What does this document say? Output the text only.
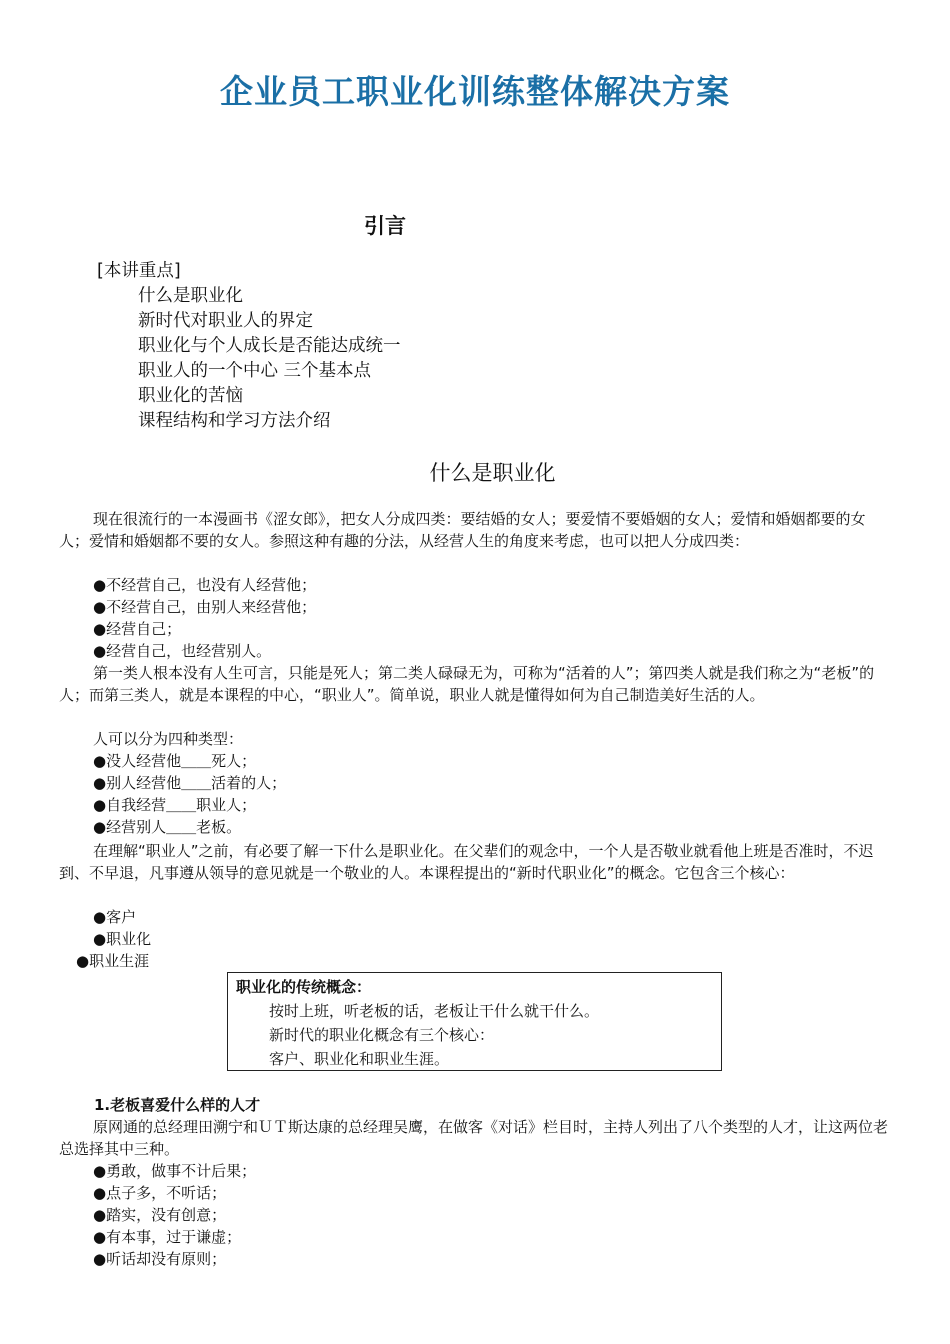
企业员工职业化训练整体解决方案
引言
[本讲重点]
什么是职业化
新时代对职业人的界定
职业化与个人成长是否能达成统一
职业人的一个中心 三个基本点
职业化的苦恼
课程结构和学习方法介绍
什么是职业化
现在很流行的一本漫画书《涩女郎》，把女人分成四类：要结婚的女人；要爱情不要婚姻的女人；爱情和婚姻都要的女人；爱情和婚姻都不要的女人。参照这种有趣的分法，从经营人生的角度来考虑，也可以把人分成四类：
●不经营自己，也没有人经营他；
●不经营自己，由别人来经营他；
●经营自己；
●经营自己，也经营别人。
第一类人根本没有人生可言，只能是死人；第二类人碌碌无为，可称为“活着的人”；第四类人就是我们称之为“老板”的人；而第三类人，就是本课程的中心，“职业人”。简单说，职业人就是懂得如何为自己制造美好生活的人。
人可以分为四种类型：
●没人经营他＿＿死人；
●别人经营他＿＿活着的人；
●自我经营＿＿职业人；
●经营别人＿＿老板。
在理解“职业人”之前，有必要了解一下什么是职业化。在父辈们的观念中，一个人是否敬业就看他上班是否准时，不迟到、不早退，凡事遵从领导的意见就是一个敬业的人。本课程提出的“新时代职业化”的概念。它包含三个核心：
●客户
●职业化
●职业生涯
职业化的传统概念：
按时上班，听老板的话，老板让干什么就干什么。
新时代的职业化概念有三个核心：
客户、职业化和职业生涯。
1.老板喜爱什么样的人才
原网通的总经理田溯宁和ＵＴ斯达康的总经理吴鹰，在做客《对话》栏目时，主持人列出了八个类型的人才，让这两位老总选择其中三种。
●勇敢，做事不计后果；
●点子多，不听话；
●踏实，没有创意；
●有本事，过于谦虚；
●听话却没有原则；
